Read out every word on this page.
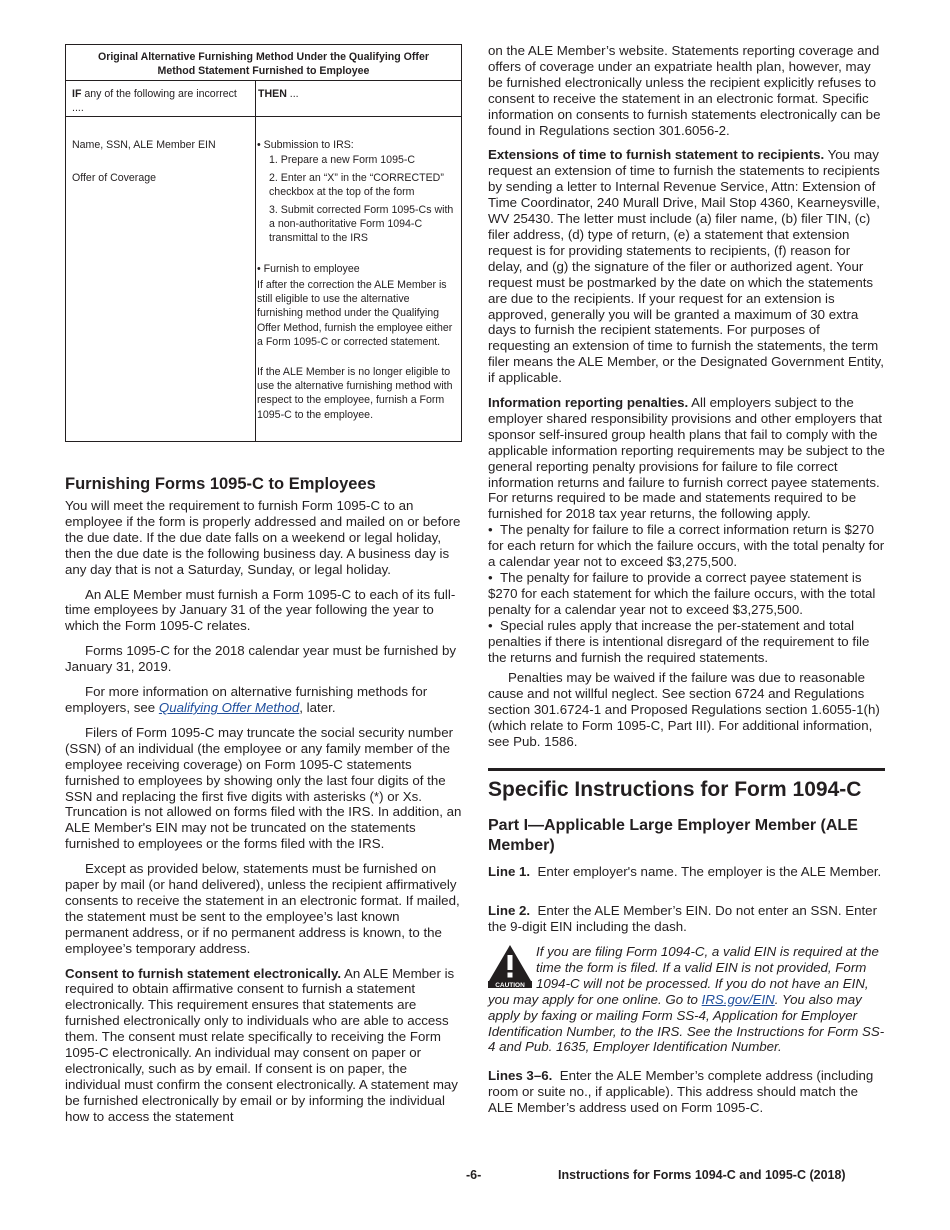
Original Alternative Furnishing Method Under the Qualifying Offer Method Statement Furnished to Employee
IF any of the following are incorrect ....
THEN ...
Name, SSN, ALE Member EIN
Offer of Coverage
• Submission to IRS:
1. Prepare a new Form 1095-C
2. Enter an “X” in the “CORRECTED” checkbox at the top of the form
3. Submit corrected Form 1095-Cs with a non-authoritative Form 1094-C transmittal to the IRS
• Furnish to employee
If after the correction the ALE Member is still eligible to use the alternative furnishing method under the Qualifying Offer Method, furnish the employee either a Form 1095-C or corrected statement.
If the ALE Member is no longer eligible to use the alternative furnishing method with respect to the employee, furnish a Form 1095-C to the employee.
Furnishing Forms 1095-C to Employees

You will meet the requirement to furnish Form 1095-C to an employee if the form is properly addressed and mailed on or before the due date. If the due date falls on a weekend or legal holiday, then the due date is the following business day. A business day is any day that is not a Saturday, Sunday, or legal holiday.

An ALE Member must furnish a Form 1095-C to each of its full-time employees by January 31 of the year following the year to which the Form 1095-C relates.

Forms 1095-C for the 2018 calendar year must be furnished by January 31, 2019.

For more information on alternative furnishing methods for employers, see Qualifying Offer Method, later.

Filers of Form 1095-C may truncate the social security number (SSN) of an individual (the employee or any family member of the employee receiving coverage) on Form 1095-C statements furnished to employees by showing only the last four digits of the SSN and replacing the first five digits with asterisks (*) or Xs. Truncation is not allowed on forms filed with the IRS. In addition, an ALE Member's EIN may not be truncated on the statements furnished to employees or the forms filed with the IRS.

Except as provided below, statements must be furnished on paper by mail (or hand delivered), unless the recipient affirmatively consents to receive the statement in an electronic format. If mailed, the statement must be sent to the employee’s last known permanent address, or if no permanent address is known, to the employee’s temporary address.

Consent to furnish statement electronically. An ALE Member is required to obtain affirmative consent to furnish a statement electronically. This requirement ensures that statements are furnished electronically only to individuals who are able to access them. The consent must relate specifically to receiving the Form 1095-C electronically. An individual may consent on paper or electronically, such as by email. If consent is on paper, the individual must confirm the consent electronically. A statement may be furnished electronically by email or by informing the individual how to access the statement

on the ALE Member’s website. Statements reporting coverage and offers of coverage under an expatriate health plan, however, may be furnished electronically unless the recipient explicitly refuses to consent to receive the statement in an electronic format. Specific information on consents to furnish statements electronically can be found in Regulations section 301.6056-2.

Extensions of time to furnish statement to recipients. You may request an extension of time to furnish the statements to recipients by sending a letter to Internal Revenue Service, Attn: Extension of Time Coordinator, 240 Murall Drive, Mail Stop 4360, Kearneysville, WV 25430. The letter must include (a) filer name, (b) filer TIN, (c) filer address, (d) type of return, (e) a statement that extension request is for providing statements to recipients, (f) reason for delay, and (g) the signature of the filer or authorized agent. Your request must be postmarked by the date on which the statements are due to the recipients. If your request for an extension is approved, generally you will be granted a maximum of 30 extra days to furnish the recipient statements. For purposes of requesting an extension of time to furnish the statements, the term filer means the ALE Member, or the Designated Government Entity, if applicable.

Information reporting penalties. All employers subject to the employer shared responsibility provisions and other employers that sponsor self-insured group health plans that fail to comply with the applicable information reporting requirements may be subject to the general reporting penalty provisions for failure to file correct information returns and failure to furnish correct payee statements. For returns required to be made and statements required to be furnished for 2018 tax year returns, the following apply.

•  The penalty for failure to file a correct information return is $270 for each return for which the failure occurs, with the total penalty for a calendar year not to exceed $3,275,500.

•  The penalty for failure to provide a correct payee statement is $270 for each statement for which the failure occurs, with the total penalty for a calendar year not to exceed $3,275,500.

•  Special rules apply that increase the per-statement and total penalties if there is intentional disregard of the requirement to file the returns and furnish the required statements.

Penalties may be waived if the failure was due to reasonable cause and not willful neglect. See section 6724 and Regulations section 301.6724-1 and Proposed Regulations section 1.6055-1(h) (which relate to Form 1095-C, Part III). For additional information, see Pub. 1586.

Specific Instructions for Form 1094-C
Part I—Applicable Large Employer Member (ALE Member)

Line 1.  Enter employer's name. The employer is the ALE Member.

Line 2.  Enter the ALE Member’s EIN. Do not enter an SSN. Enter the 9-digit EIN including the dash.

Lines 3–6.  Enter the ALE Member’s complete address (including room or suite no., if applicable). This address should match the ALE Member’s address used on Form 1095-C.

CAUTION

If you are filing Form 1094-C, a valid EIN is required at the time the form is filed. If a valid EIN is not provided, Form 1094-C will not be processed. If you do not have an EIN, you may apply for one online. Go to IRS.gov/EIN. You also may apply by faxing or mailing Form SS-4, Application for Employer Identification Number, to the IRS. See the Instructions for Form SS-4 and Pub. 1635, Employer Identification Number.

-6-	Instructions for Forms 1094-C and 1095-C (2018)
